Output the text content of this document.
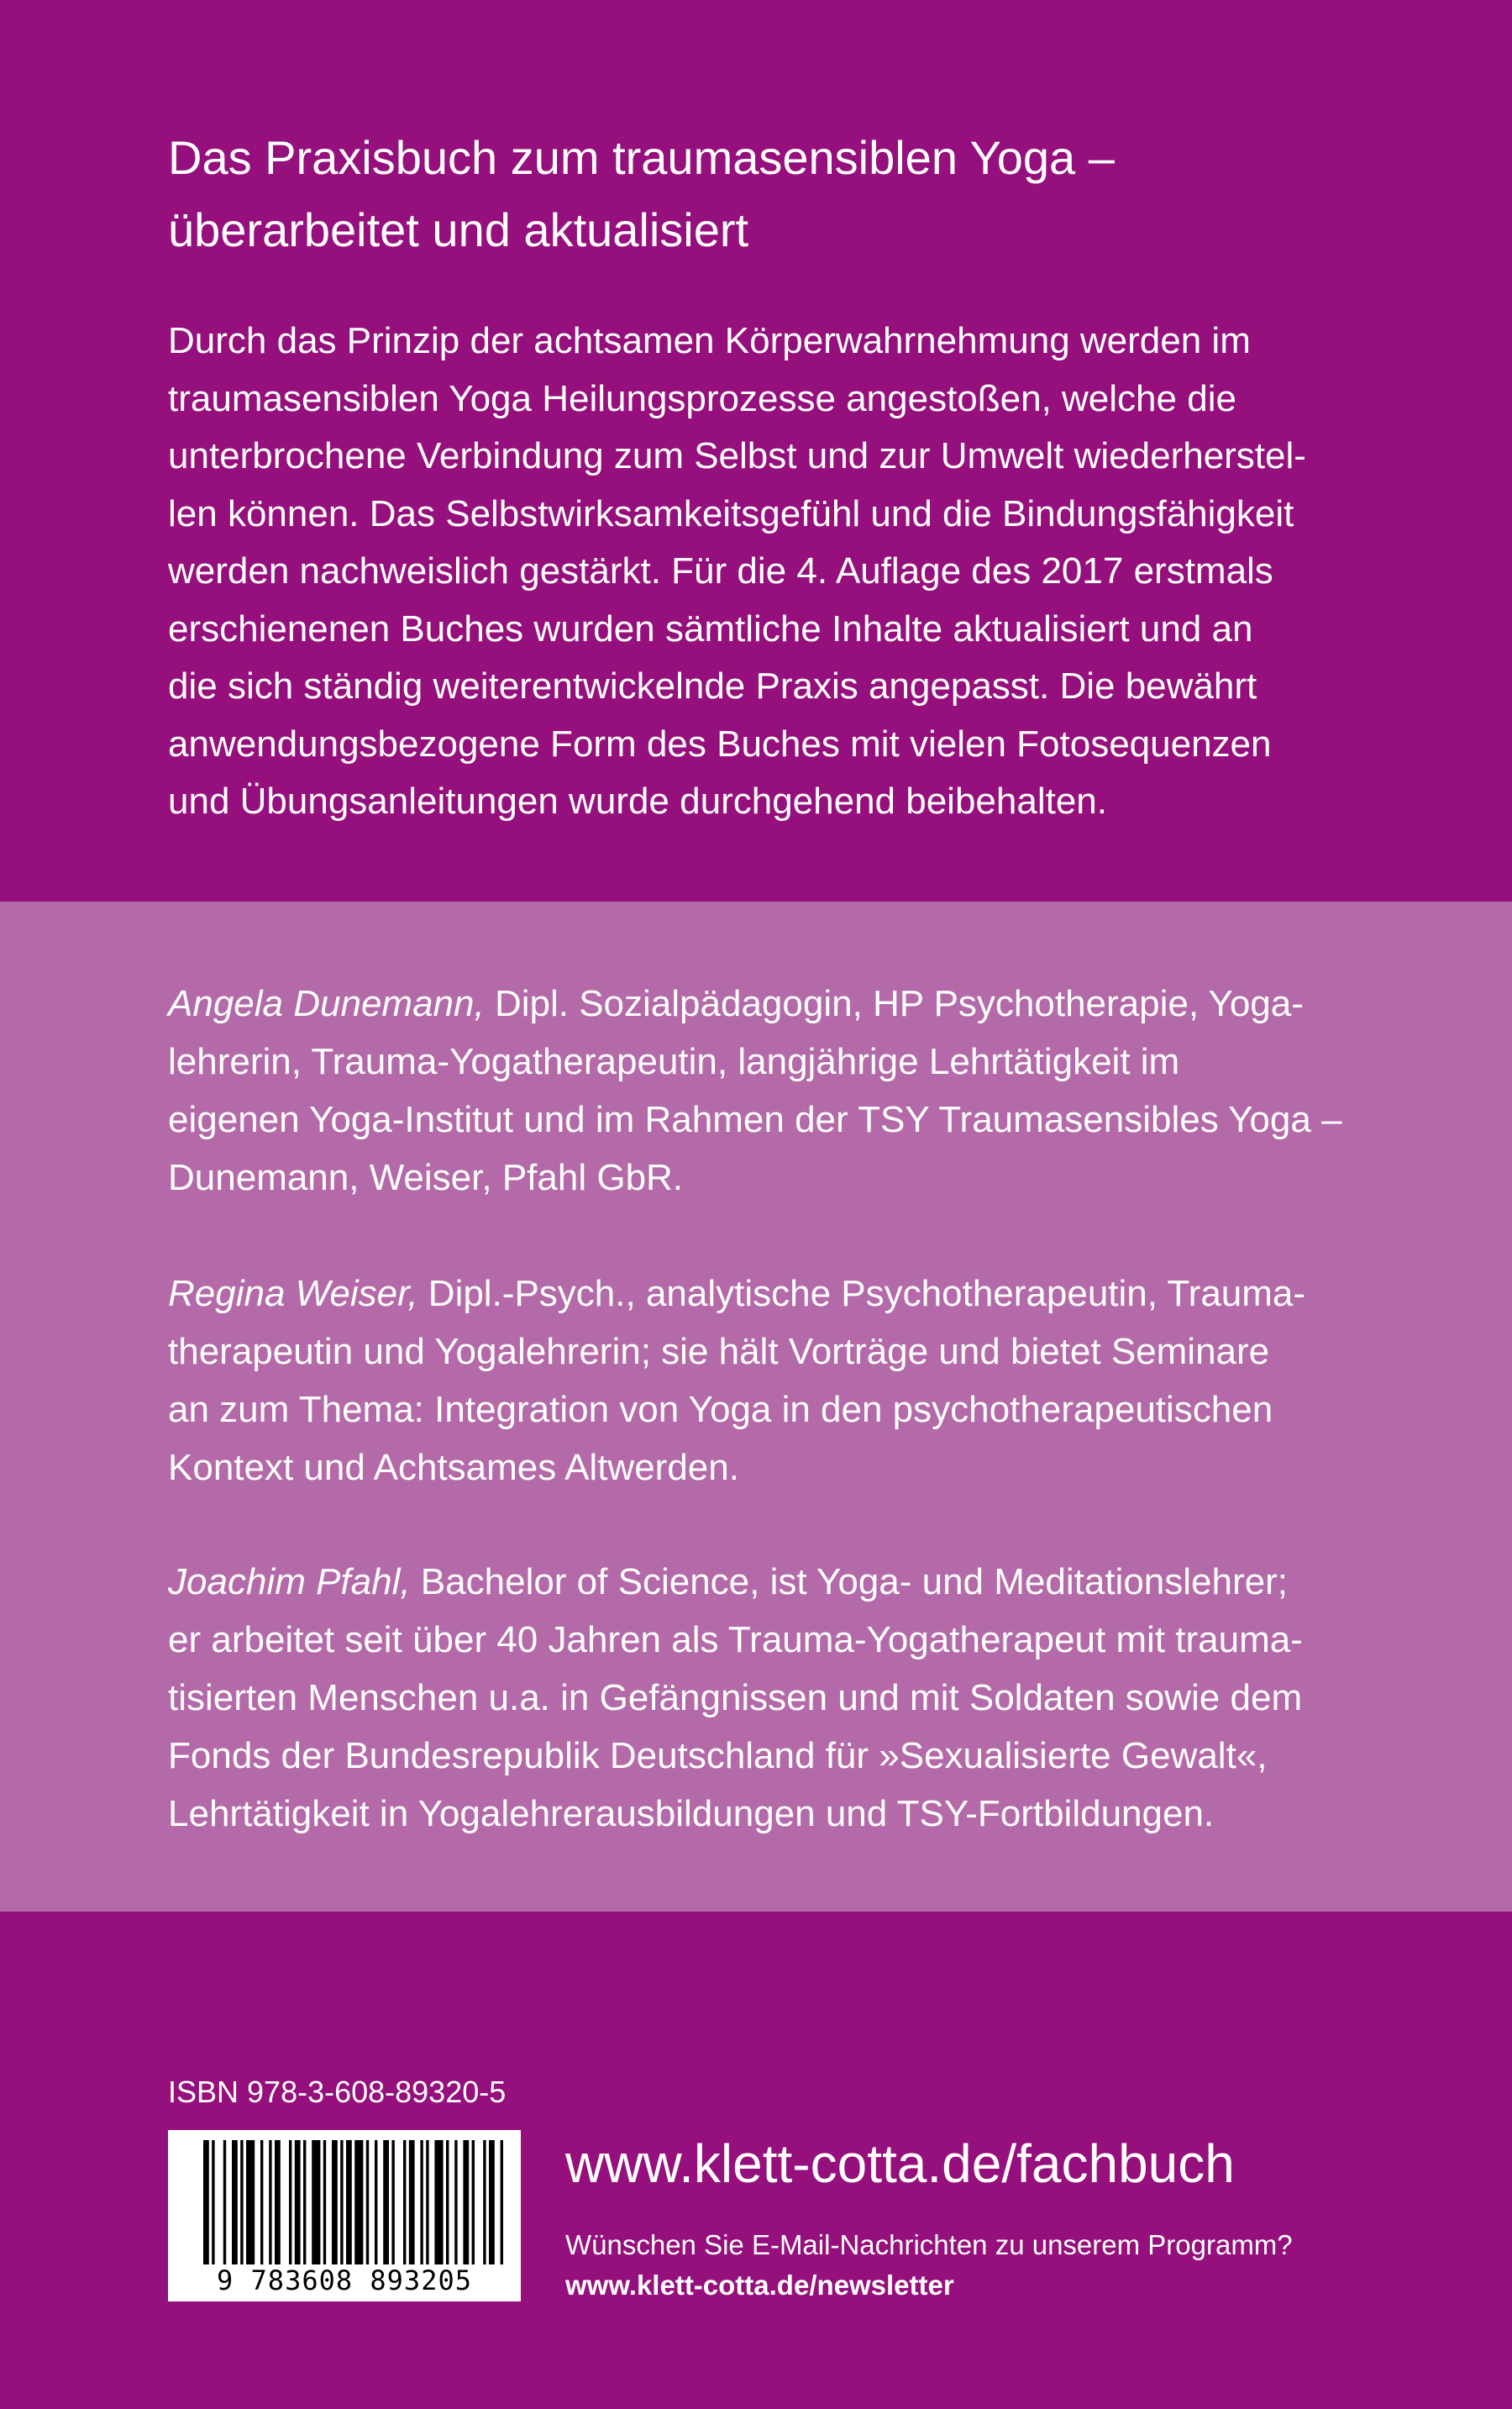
Das Praxisbuch zum traumasensiblen Yoga –
überarbeitet und aktualisiert

Durch das Prinzip der achtsamen Körperwahrnehmung werden im
traumasensiblen Yoga Heilungsprozesse angestoßen, welche die
unterbrochene Verbindung zum Selbst und zur Umwelt wiederherstel-
len können. Das Selbstwirksamkeitsgefühl und die Bindungsfähigkeit
werden nachweislich gestärkt. Für die 4. Auflage des 2017 erstmals
erschienenen Buches wurden sämtliche Inhalte aktualisiert und an
die sich ständig weiterentwickelnde Praxis angepasst. Die bewährt
anwendungsbezogene Form des Buches mit vielen Fotosequenzen
und Übungsanleitungen wurde durchgehend beibehalten.

Angela Dunemann, Dipl. Sozialpädagogin, HP Psychotherapie, Yoga-
lehrerin, Trauma-Yogatherapeutin, langjährige Lehrtätigkeit im
eigenen Yoga-Institut und im Rahmen der TSY Traumasensibles Yoga –
Dunemann, Weiser, Pfahl GbR.

Regina Weiser, Dipl.-Psych., analytische Psychotherapeutin, Trauma-
therapeutin und Yogalehrerin; sie hält Vorträge und bietet Seminare
an zum Thema: Integration von Yoga in den psychotherapeutischen
Kontext und Achtsames Altwerden.

Joachim Pfahl, Bachelor of Science, ist Yoga- und Meditationslehrer;
er arbeitet seit über 40 Jahren als Trauma-Yogatherapeut mit trauma-
tisierten Menschen u.a. in Gefängnissen und mit Soldaten sowie dem
Fonds der Bundesrepublik Deutschland für »Sexualisierte Gewalt«,
Lehrtätigkeit in Yogalehrerausbildungen und TSY-Fortbildungen.

ISBN 978-3-608-89320-5
9 783608 893205
www.klett-cotta.de/fachbuch
Wünschen Sie E-Mail-Nachrichten zu unserem Programm?
www.klett-cotta.de/newsletter
